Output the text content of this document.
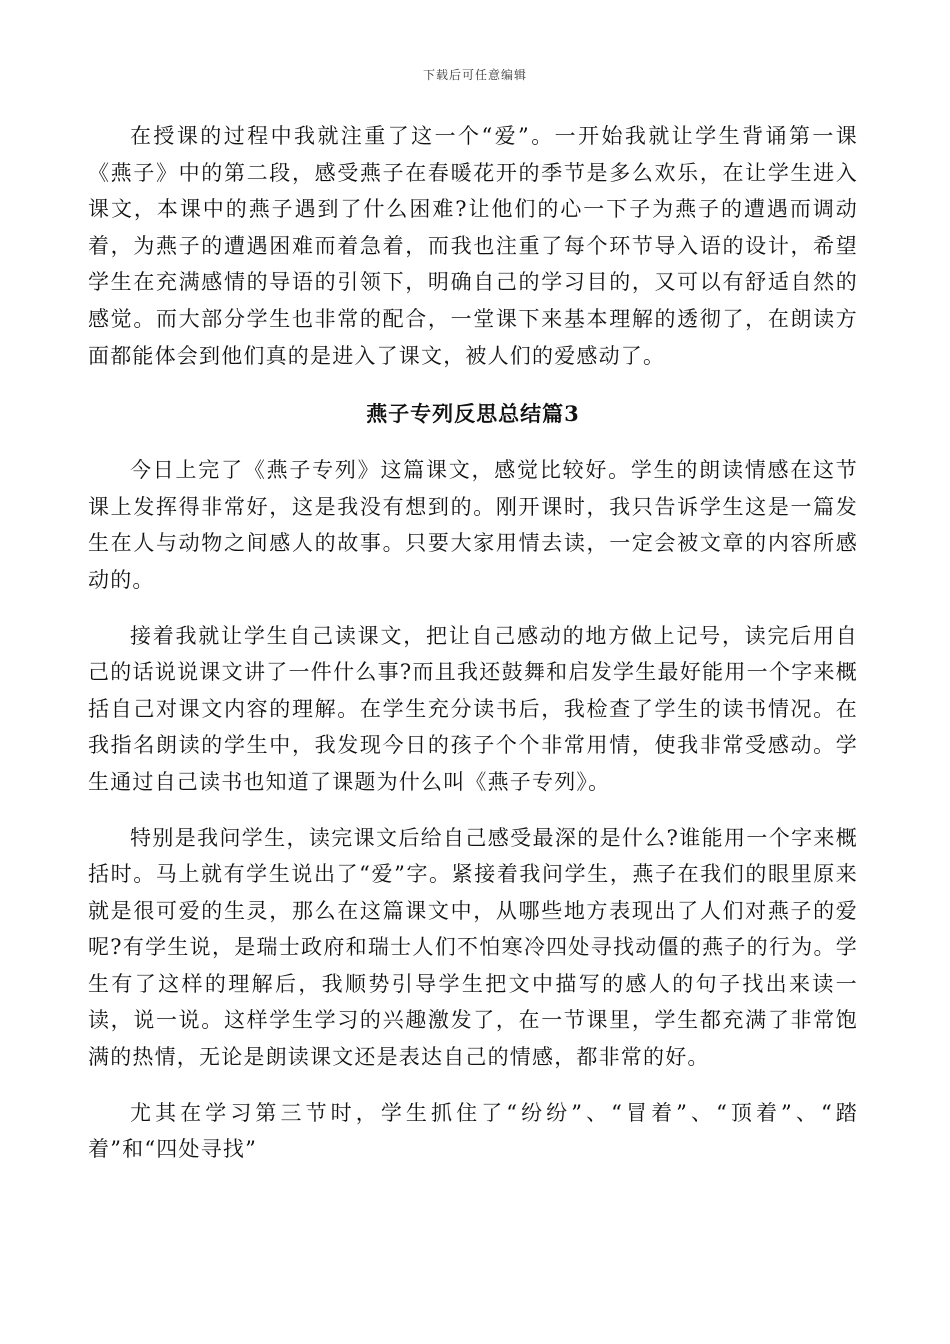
下载后可任意编辑

在授课的过程中我就注重了这一个“爱”。一开始我就让学生背诵第一课《燕子》中的第二段，感受燕子在春暖花开的季节是多么欢乐，在让学生进入课文，本课中的燕子遇到了什么困难?让他们的心一下子为燕子的遭遇而调动着，为燕子的遭遇困难而着急着，而我也注重了每个环节导入语的设计，希望学生在充满感情的导语的引领下，明确自己的学习目的，又可以有舒适自然的感觉。而大部分学生也非常的配合，一堂课下来基本理解的透彻了，在朗读方面都能体会到他们真的是进入了课文，被人们的爱感动了。

燕子专列反思总结篇3

今日上完了《燕子专列》这篇课文，感觉比较好。学生的朗读情感在这节课上发挥得非常好，这是我没有想到的。刚开课时，我只告诉学生这是一篇发生在人与动物之间感人的故事。只要大家用情去读，一定会被文章的内容所感动的。

接着我就让学生自己读课文，把让自己感动的地方做上记号，读完后用自己的话说说课文讲了一件什么事?而且我还鼓舞和启发学生最好能用一个字来概括自己对课文内容的理解。在学生充分读书后，我检查了学生的读书情况。在我指名朗读的学生中，我发现今日的孩子个个非常用情，使我非常受感动。学生通过自己读书也知道了课题为什么叫《燕子专列》。

特别是我问学生，读完课文后给自己感受最深的是什么?谁能用一个字来概括时。马上就有学生说出了“爱”字。紧接着我问学生，燕子在我们的眼里原来就是很可爱的生灵，那么在这篇课文中，从哪些地方表现出了人们对燕子的爱呢?有学生说，是瑞士政府和瑞士人们不怕寒冷四处寻找动僵的燕子的行为。学生有了这样的理解后，我顺势引导学生把文中描写的感人的句子找出来读一读，说一说。这样学生学习的兴趣激发了，在一节课里，学生都充满了非常饱满的热情，无论是朗读课文还是表达自己的情感，都非常的好。

尤其在学习第三节时，学生抓住了“纷纷”、“冒着”、“顶着”、“踏着”和“四处寻找”
